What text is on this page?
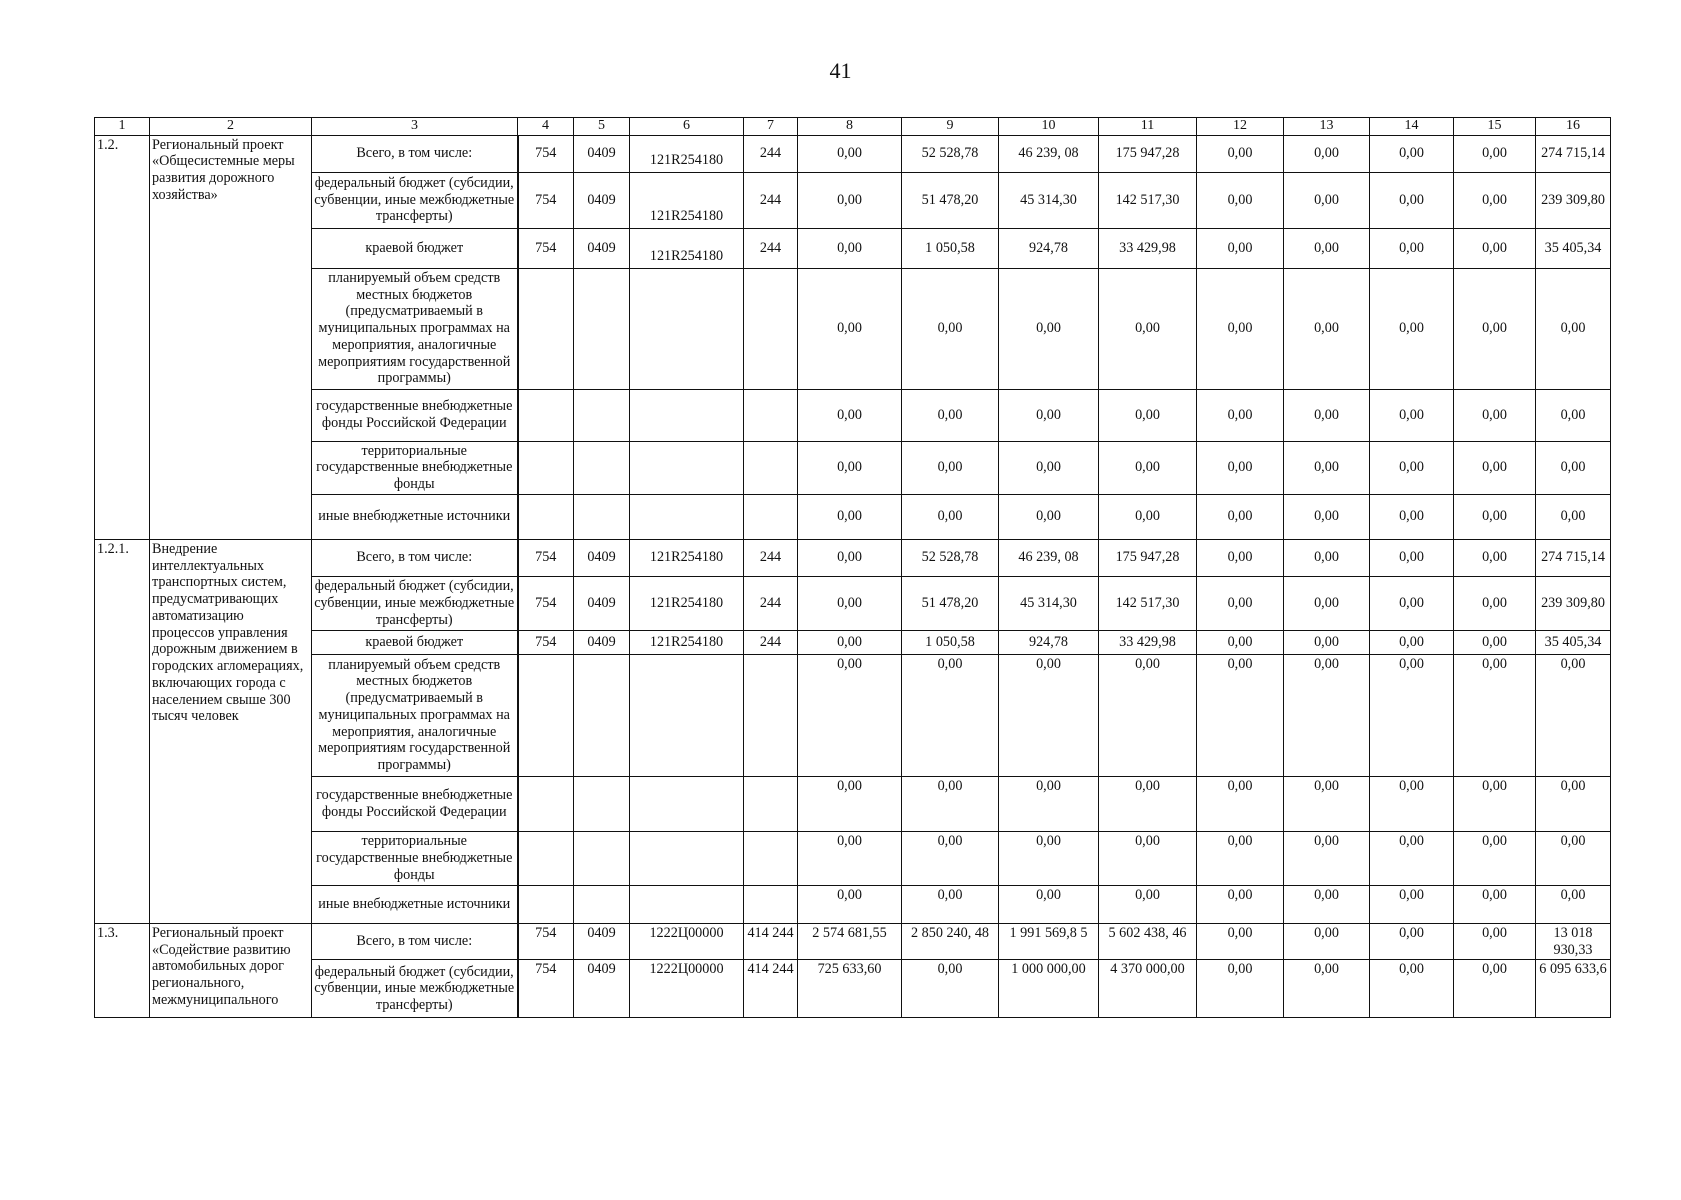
41
1	2	3	4	5	6	7	8	9	10	11	12	13	14	15	16
1.2.	Региональный проект «Общесистемные меры развития дорожного хозяйства»	Всего, в том числе:	754	0409	121R254180	244	0,00	52 528,78	46 239, 08	175 947,28	0,00	0,00	0,00	0,00	274 715,14
		федеральный бюджет (субсидии, субвенции, иные межбюджетные трансферты)	754	0409	121R254180	244	0,00	51 478,20	45 314,30	142 517,30	0,00	0,00	0,00	0,00	239 309,80
		краевой бюджет	754	0409	121R254180	244	0,00	1 050,58	924,78	33 429,98	0,00	0,00	0,00	0,00	35 405,34
		планируемый объем средств местных бюджетов (предусматриваемый в муниципальных программах на мероприятия, аналогичные мероприятиям государственной программы)					0,00	0,00	0,00	0,00	0,00	0,00	0,00	0,00	0,00
		государственные внебюджетные фонды Российской Федерации					0,00	0,00	0,00	0,00	0,00	0,00	0,00	0,00	0,00
		территориальные государственные внебюджетные фонды					0,00	0,00	0,00	0,00	0,00	0,00	0,00	0,00	0,00
		иные внебюджетные источники					0,00	0,00	0,00	0,00	0,00	0,00	0,00	0,00	0,00
1.2.1.	Внедрение интеллектуальных транспортных систем, предусматривающих автоматизацию процессов управления дорожным движением в городских агломерациях, включающих города с населением свыше 300 тысяч человек	Всего, в том числе:	754	0409	121R254180	244	0,00	52 528,78	46 239, 08	175 947,28	0,00	0,00	0,00	0,00	274 715,14
		федеральный бюджет (субсидии, субвенции, иные межбюджетные трансферты)	754	0409	121R254180	244	0,00	51 478,20	45 314,30	142 517,30	0,00	0,00	0,00	0,00	239 309,80
		краевой бюджет	754	0409	121R254180	244	0,00	1 050,58	924,78	33 429,98	0,00	0,00	0,00	0,00	35 405,34
		планируемый объем средств местных бюджетов (предусматриваемый в муниципальных программах на мероприятия, аналогичные мероприятиям государственной программы)					0,00	0,00	0,00	0,00	0,00	0,00	0,00	0,00	0,00
		государственные внебюджетные фонды Российской Федерации					0,00	0,00	0,00	0,00	0,00	0,00	0,00	0,00	0,00
		территориальные государственные внебюджетные фонды					0,00	0,00	0,00	0,00	0,00	0,00	0,00	0,00	0,00
		иные внебюджетные источники					0,00	0,00	0,00	0,00	0,00	0,00	0,00	0,00	0,00
1.3.	Региональный проект «Содействие развитию автомобильных дорог регионального, межмуниципального	Всего, в том числе:	754	0409	1222Ц00000	414 244	2 574 681,55	2 850 240, 48	1 991 569,8 5	5 602 438, 46	0,00	0,00	0,00	0,00	13 018 930,33
		федеральный бюджет (субсидии, субвенции, иные межбюджетные трансферты)	754	0409	1222Ц00000	414 244	725 633,60	0,00	1 000 000,00	4 370 000,00	0,00	0,00	0,00	0,00	6 095 633,6
